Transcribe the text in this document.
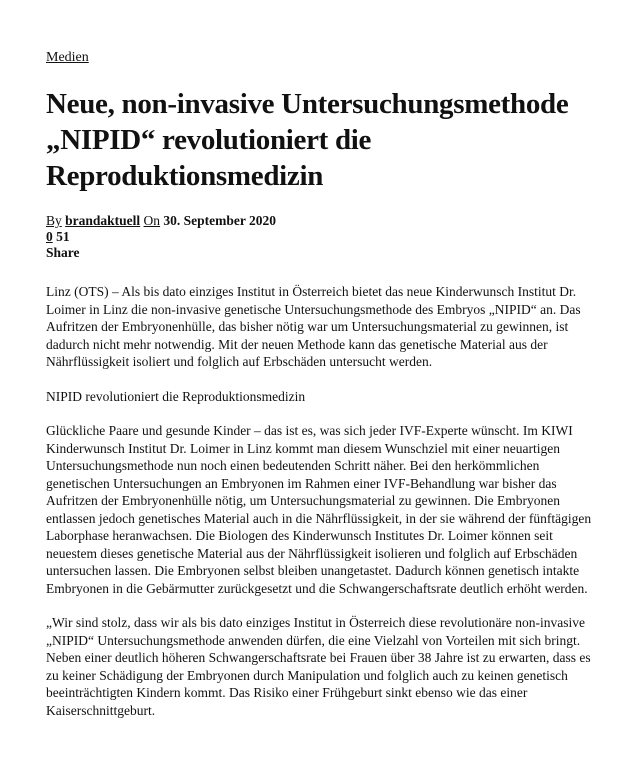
Medien
Neue, non-invasive Untersuchungsmethode „NIPID“ revolutioniert die Reproduktionsmedizin
By brandaktuell On 30. September 2020
0 51
Share

Linz (OTS) – Als bis dato einziges Institut in Österreich bietet das neue Kinderwunsch Institut Dr. Loimer in Linz die non-invasive genetische Untersuchungsmethode des Embryos „NIPID“ an. Das Aufritzen der Embryonenhülle, das bisher nötig war um Untersuchungsmaterial zu gewinnen, ist dadurch nicht mehr notwendig. Mit der neuen Methode kann das genetische Material aus der Nährflüssigkeit isoliert und folglich auf Erbschäden untersucht werden.

NIPID revolutioniert die Reproduktionsmedizin

Glückliche Paare und gesunde Kinder – das ist es, was sich jeder IVF-Experte wünscht. Im KIWI Kinderwunsch Institut Dr. Loimer in Linz kommt man diesem Wunschziel mit einer neuartigen Untersuchungsmethode nun noch einen bedeutenden Schritt näher. Bei den herkömmlichen genetischen Untersuchungen an Embryonen im Rahmen einer IVF-Behandlung war bisher das Aufritzen der Embryonenhülle nötig, um Untersuchungsmaterial zu gewinnen. Die Embryonen entlassen jedoch genetisches Material auch in die Nährflüssigkeit, in der sie während der fünftägigen Laborphase heranwachsen. Die Biologen des Kinderwunsch Institutes Dr. Loimer können seit neuestem dieses genetische Material aus der Nährflüssigkeit isolieren und folglich auf Erbschäden untersuchen lassen. Die Embryonen selbst bleiben unangetastet. Dadurch können genetisch intakte Embryonen in die Gebärmutter zurückgesetzt und die Schwangerschaftsrate deutlich erhöht werden.

„Wir sind stolz, dass wir als bis dato einziges Institut in Österreich diese revolutionäre non-invasive „NIPID“ Untersuchungsmethode anwenden dürfen, die eine Vielzahl von Vorteilen mit sich bringt. Neben einer deutlich höheren Schwangerschaftsrate bei Frauen über 38 Jahre ist zu erwarten, dass es zu keiner Schädigung der Embryonen durch Manipulation und folglich auch zu keinen genetisch beeinträchtigten Kindern kommt. Das Risiko einer Frühgeburt sinkt ebenso wie das einer Kaiserschnittgeburt.
